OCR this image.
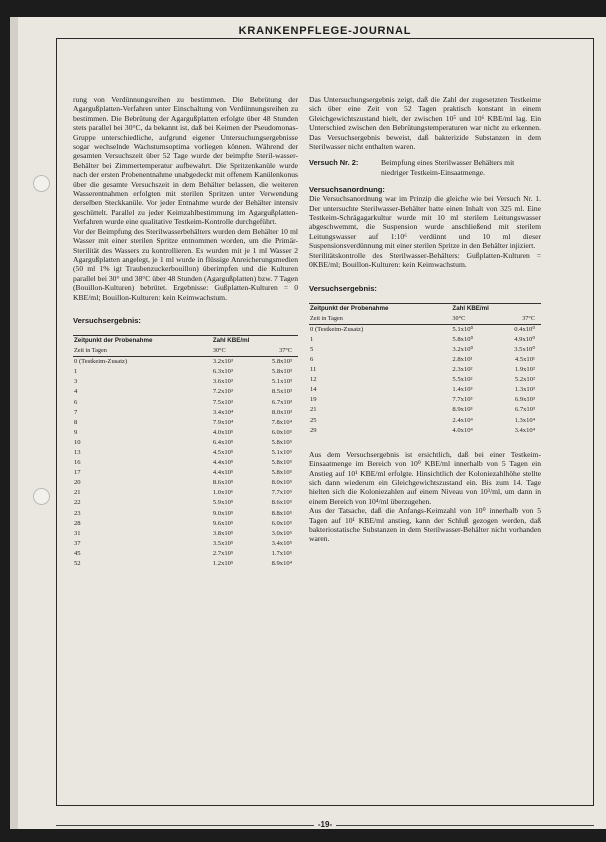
KRANKENPFLEGE-JOURNAL

rung von Verdünnungsreihen zu bestimmen. Die Bebrütung der Agargußplatten-Verfahren unter Einschaltung von Verdünnungsreihen zu bestimmen. Die Bebrütung der Agargußplatten erfolgte über 48 Stunden stets parallel bei 30°C, da bekannt ist, daß bei Keimen der Pseudomonas-Gruppe unterschiedliche, aufgrund eigener Untersuchungsergebnisse sogar wechselnde Wachstumsoptima vorliegen können. Während der gesamten Versuchszeit über 52 Tage wurde der beimpfte Steril-wasser-Behälter bei Zimmertemperatur aufbewahrt. Die Spritzenkanüle wurde nach der ersten Probenentnahme unabgedeckt mit offenem Kanülenkonus über die gesamte Versuchszeit in dem Behälter belassen, die weiteren Wasserentnahmen erfolgten mit sterilen Spritzen unter Verwendung derselben Steckkanüle. Vor jeder Entnahme wurde der Behälter intensiv geschüttelt. Parallel zu jeder Keimzahlbestimmung im Agargußplatten-Verfahren wurde eine qualitative Testkeim-Kontrolle durchgeführt.

Vor der Beimpfung des Sterilwasserbehälters wurden dem Behälter 10 ml Wasser mit einer sterilen Spritze entnommen worden, um die Primär-Sterilität des Wassers zu kontrollieren. Es wurden mit je 1 ml Wasser 2 Agargußplatten angelegt, je 1 ml wurde in flüssige Anreicherungsmedien (50 ml 1% igt Traubenzuckerbouillon) überimpfen und die Kulturen parallel bei 30° und 38°C über 48 Stunden (Agargußplatten) bzw. 7 Tagen (Bouillon-Kulturen) bebrütet. Ergebnisse: Gußplatten-Kulturen = 0 KBE/ml; Bouillon-Kulturen: kein Keimwachstum.

Versuchsergebnis:
Zeitpunkt der Probenahme	Zahl KBE/ml	
Zeit in Tagen	30°C	37°C
0 (Testkeim-Zusatz)	3.2x10³	5.8x10³
1	6.3x10³	5.8x10³
3	3.6x10³	5.1x10³
4	7.2x10³	8.5x10³
6	7.5x10³	6.7x10³
7	3.4x10⁴	8.0x10³
8	7.9x10⁴	7.8x10⁴
9	4.0x10⁵	6.0x10⁵
10	6.4x10⁵	5.8x10⁵
13	4.5x10⁵	5.1x10⁵
16	4.4x10⁵	5.8x10⁵
17	4.4x10⁵	5.8x10⁵
20	8.6x10⁵	8.0x10⁵
21	1.0x10⁶	7.7x10⁵
22	5.9x10⁵	8.6x10⁵
23	9.0x10⁵	8.8x10⁵
28	9.6x10⁵	6.0x10⁵
31	3.8x10⁵	3.0x10⁵
37	3.5x10⁵	3.4x10⁵
45	2.7x10⁵	1.7x10⁵
52	1.2x10⁵	8.9x10⁴

Das Untersuchungsergebnis zeigt, daß die Zahl der zugesetzten Testkeime sich über eine Zeit von 52 Tagen praktisch konstant in einem Gleichgewichtszustand hielt, der zwischen 10⁵ und 10⁶ KBE/ml lag. Ein Unterschied zwischen den Bebrütungstemperaturen war nicht zu erkennen. Das Versuchsergebnis beweist, daß bakterizide Substanzen in dem Sterilwasser nicht enthalten waren.

Versuch Nr. 2:	Beimpfung eines Sterilwasser Behälters mit niedriger Testkeim-Einsaatmenge.
Versuchsanordnung:

Die Versuchsanordnung war im Prinzip die gleiche wie bei Versuch Nr. 1. Der untersuchte Sterilwasser-Behälter hatte einen Inhalt von 325 ml. Eine Testkeim-Schrägagarkultur wurde mit 10 ml sterilem Leitungswasser abgeschwemmt, die Suspension wurde anschließend mit sterilem Leitungswasser auf 1:10⁶ verdünnt und 10 ml dieser Suspensionsverdünnung mit einer sterilen Spritze in den Behälter injiziert.

Sterilitätskontrolle des Sterilwasser-Behälters: Gußplatten-Kulturen = 0KBE/ml; Bouillon-Kulturen: kein Keimwachstum.

Versuchsergebnis:
Zeitpunkt der Probenahme	Zahl KBE/ml	
Zeit in Tagen	30°C	37°C
0 (Testkeim-Zusatz)	5.1x10⁰	0.4x10⁰
1	5.8x10⁰	4.9x10⁰
5	3.2x10⁰	3.5x10⁰
6	2.8x10¹	4.5x10¹
11	2.3x10²	1.9x10²
12	5.5x10²	5.2x10²
14	1.4x10³	1.3x10³
19	7.7x10³	6.9x10³
21	8.9x10³	6.7x10³
25	2.4x10⁴	1.3x10⁴
29	4.0x10⁴	3.4x10⁴

Aus dem Versuchsergebnis ist ersichtlich, daß bei einer Testkeim-Einsaatmenge im Bereich von 10⁰ KBE/ml innerhalb von 5 Tagen ein Anstieg auf 10¹ KBE/ml erfolgte. Hinsichtlich der Koloniezahlhöhe stellte sich dann wiederum ein Gleichgewichtszustand ein. Bis zum 14. Tage hielten sich die Koloniezahlen auf einem Niveau von 10³/ml, um dann in einem Bereich von 10⁴/ml überzugehen.

Aus der Tatsache, daß die Anfangs-Keimzahl von 10⁰ innerhalb von 5 Tagen auf 10¹ KBE/ml anstieg, kann der Schluß gezogen werden, daß bakteriostatische Substanzen in dem Sterilwasser-Behälter nicht vorhanden waren.

-19-
